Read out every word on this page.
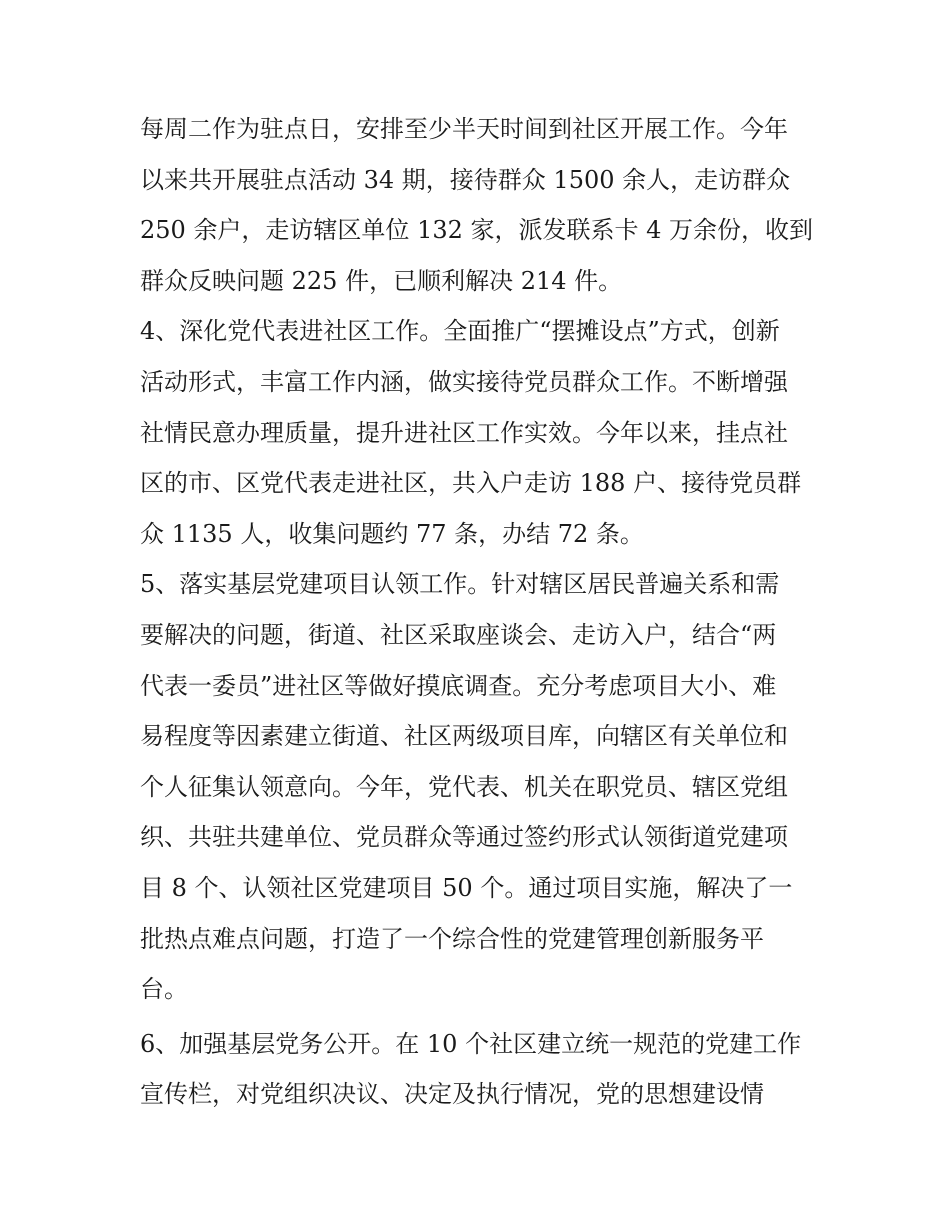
每周二作为驻点日，安排至少半天时间到社区开展工作。今年
以来共开展驻点活动 34 期，接待群众 1500 余人，走访群众
250 余户，走访辖区单位 132 家，派发联系卡 4 万余份，收到
群众反映问题 225 件，已顺利解决 214 件。
4、深化党代表进社区工作。全面推广“摆摊设点”方式，创新
活动形式，丰富工作内涵，做实接待党员群众工作。不断增强
社情民意办理质量，提升进社区工作实效。今年以来，挂点社
区的市、区党代表走进社区，共入户走访 188 户、接待党员群
众 1135 人，收集问题约 77 条，办结 72 条。
5、落实基层党建项目认领工作。针对辖区居民普遍关系和需
要解决的问题，街道、社区采取座谈会、走访入户，结合“两
代表一委员”进社区等做好摸底调查。充分考虑项目大小、难
易程度等因素建立街道、社区两级项目库，向辖区有关单位和
个人征集认领意向。今年，党代表、机关在职党员、辖区党组
织、共驻共建单位、党员群众等通过签约形式认领街道党建项
目 8 个、认领社区党建项目 50 个。通过项目实施，解决了一
批热点难点问题，打造了一个综合性的党建管理创新服务平
台。
6、加强基层党务公开。在 10 个社区建立统一规范的党建工作
宣传栏，对党组织决议、决定及执行情况，党的思想建设情
